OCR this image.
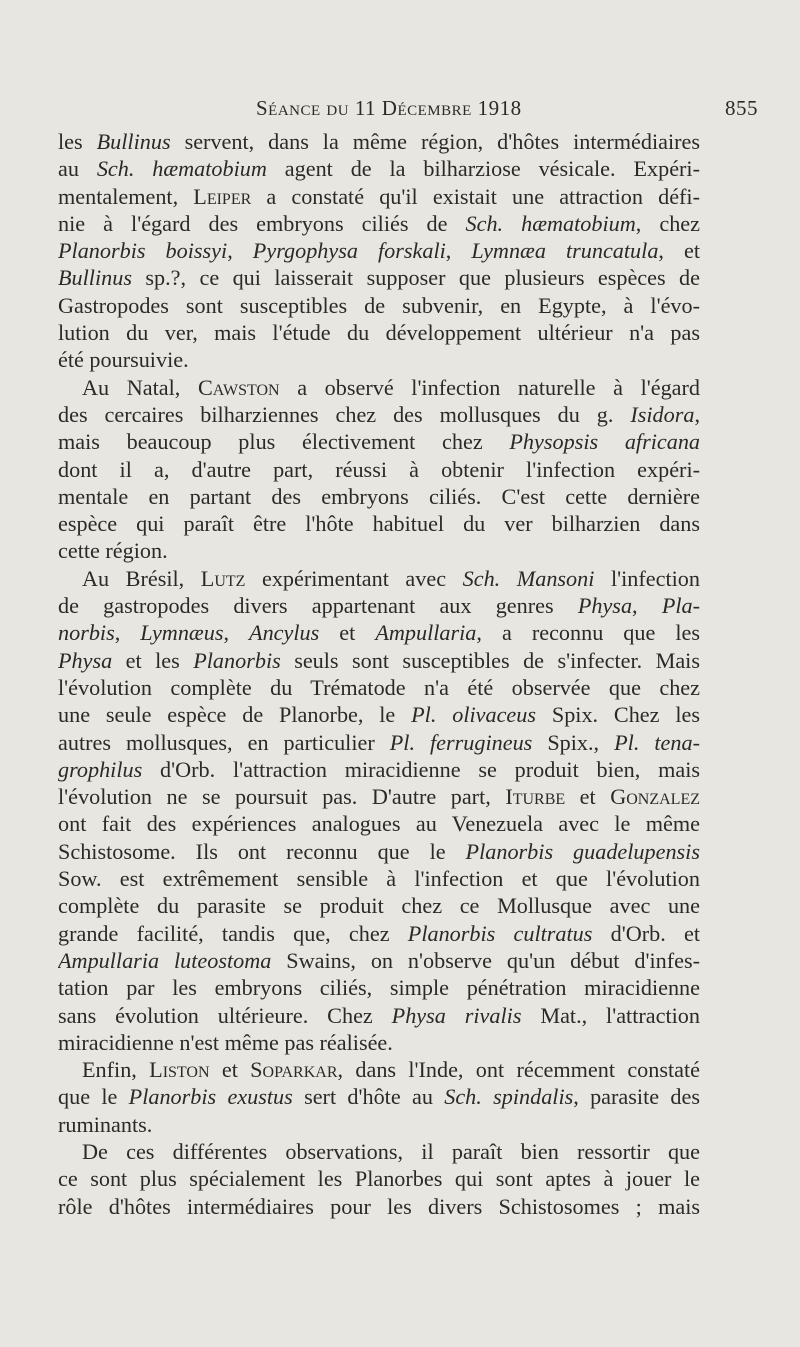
Séance du 11 Décembre 1918	855
les Bullinus servent, dans la même région, d'hôtes intermédiaires
au Sch. hæmatobium agent de la bilharziose vésicale. Expéri-
mentalement, Leiper a constaté qu'il existait une attraction défi-
nie à l'égard des embryons ciliés de Sch. hæmatobium, chez
Planorbis boissyi, Pyrgophysa forskali, Lymnæa truncatula, et
Bullinus sp.?, ce qui laisserait supposer que plusieurs espèces de
Gastropodes sont susceptibles de subvenir, en Egypte, à l'évo-
lution du ver, mais l'étude du développement ultérieur n'a pas
été poursuivie.
Au Natal, Cawston a observé l'infection naturelle à l'égard
des cercaires bilharziennes chez des mollusques du g. Isidora,
mais beaucoup plus électivement chez Physopsis africana
dont il a, d'autre part, réussi à obtenir l'infection expéri-
mentale en partant des embryons ciliés. C'est cette dernière
espèce qui paraît être l'hôte habituel du ver bilharzien dans
cette région.
Au Brésil, Lutz expérimentant avec Sch. Mansoni l'infection
de gastropodes divers appartenant aux genres Physa, Pla-
norbis, Lymnæus, Ancylus et Ampullaria, a reconnu que les
Physa et les Planorbis seuls sont susceptibles de s'infecter. Mais
l'évolution complète du Trématode n'a été observée que chez
une seule espèce de Planorbe, le Pl. olivaceus Spix. Chez les
autres mollusques, en particulier Pl. ferrugineus Spix., Pl. tena-
grophilus d'Orb. l'attraction miracidienne se produit bien, mais
l'évolution ne se poursuit pas. D'autre part, Iturbe et Gonzalez
ont fait des expériences analogues au Venezuela avec le même
Schistosome. Ils ont reconnu que le Planorbis guadelupensis
Sow. est extrêmement sensible à l'infection et que l'évolution
complète du parasite se produit chez ce Mollusque avec une
grande facilité, tandis que, chez Planorbis cultratus d'Orb. et
Ampullaria luteostoma Swains, on n'observe qu'un début d'infes-
tation par les embryons ciliés, simple pénétration miracidienne
sans évolution ultérieure. Chez Physa rivalis Mat., l'attraction
miracidienne n'est même pas réalisée.
Enfin, Liston et Soparkar, dans l'Inde, ont récemment constaté
que le Planorbis exustus sert d'hôte au Sch. spindalis, parasite des
ruminants.
De ces différentes observations, il paraît bien ressortir que
ce sont plus spécialement les Planorbes qui sont aptes à jouer le
rôle d'hôtes intermédiaires pour les divers Schistosomes ; mais
